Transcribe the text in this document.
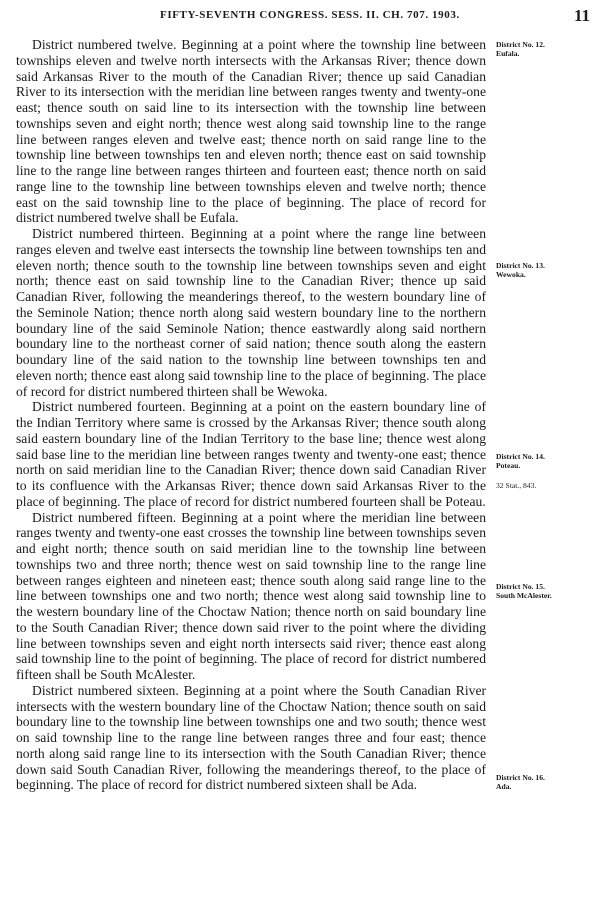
FIFTY-SEVENTH CONGRESS. SESS. II. CH. 707. 1903.	11

District numbered twelve. Beginning at a point where the township line between townships eleven and twelve north intersects with the Arkansas River; thence down said Arkansas River to the mouth of the Canadian River; thence up said Canadian River to its intersection with the meridian line between ranges twenty and twenty-one east; thence south on said line to its intersection with the township line between townships seven and eight north; thence west along said township line to the range line between ranges eleven and twelve east; thence north on said range line to the township line between townships ten and eleven north; thence east on said township line to the range line between ranges thirteen and fourteen east; thence north on said range line to the township line between townships eleven and twelve north; thence east on the said township line to the place of beginning. The place of record for district numbered twelve shall be Eufala.

District numbered thirteen. Beginning at a point where the range line between ranges eleven and twelve east intersects the township line between townships ten and eleven north; thence south to the township line between townships seven and eight north; thence east on said township line to the Canadian River; thence up said Canadian River, following the meanderings thereof, to the western boundary line of the Seminole Nation; thence north along said western boundary line to the northern boundary line of the said Seminole Nation; thence eastwardly along said northern boundary line to the northeast corner of said nation; thence south along the eastern boundary line of the said nation to the township line between townships ten and eleven north; thence east along said township line to the place of beginning. The place of record for district numbered thirteen shall be Wewoka.

District numbered fourteen. Beginning at a point on the eastern boundary line of the Indian Territory where same is crossed by the Arkansas River; thence south along said eastern boundary line of the Indian Territory to the base line; thence west along said base line to the meridian line between ranges twenty and twenty-one east; thence north on said meridian line to the Canadian River; thence down said Canadian River to its confluence with the Arkansas River; thence down said Arkansas River to the place of beginning. The place of record for district numbered fourteen shall be Poteau.

District numbered fifteen. Beginning at a point where the meridian line between ranges twenty and twenty-one east crosses the township line between townships seven and eight north; thence south on said meridian line to the township line between townships two and three north; thence west on said township line to the range line between ranges eighteen and nineteen east; thence south along said range line to the line between townships one and two north; thence west along said township line to the western boundary line of the Choctaw Nation; thence north on said boundary line to the South Canadian River; thence down said river to the point where the dividing line between townships seven and eight north intersects said river; thence east along said township line to the point of beginning. The place of record for district numbered fifteen shall be South McAlester.

District numbered sixteen. Beginning at a point where the South Canadian River intersects with the western boundary line of the Choctaw Nation; thence south on said boundary line to the township line between townships one and two south; thence west on said township line to the range line between ranges three and four east; thence north along said range line to its intersection with the South Canadian River; thence down said South Canadian River, following the meanderings thereof, to the place of beginning. The place of record for district numbered sixteen shall be Ada.

District No. 12.
Eufala.
District No. 13.
Wewoka.
District No. 14.
Poteau.
32 Stat., 843.
District No. 15.
South McAlester.
District No. 16.
Ada.
